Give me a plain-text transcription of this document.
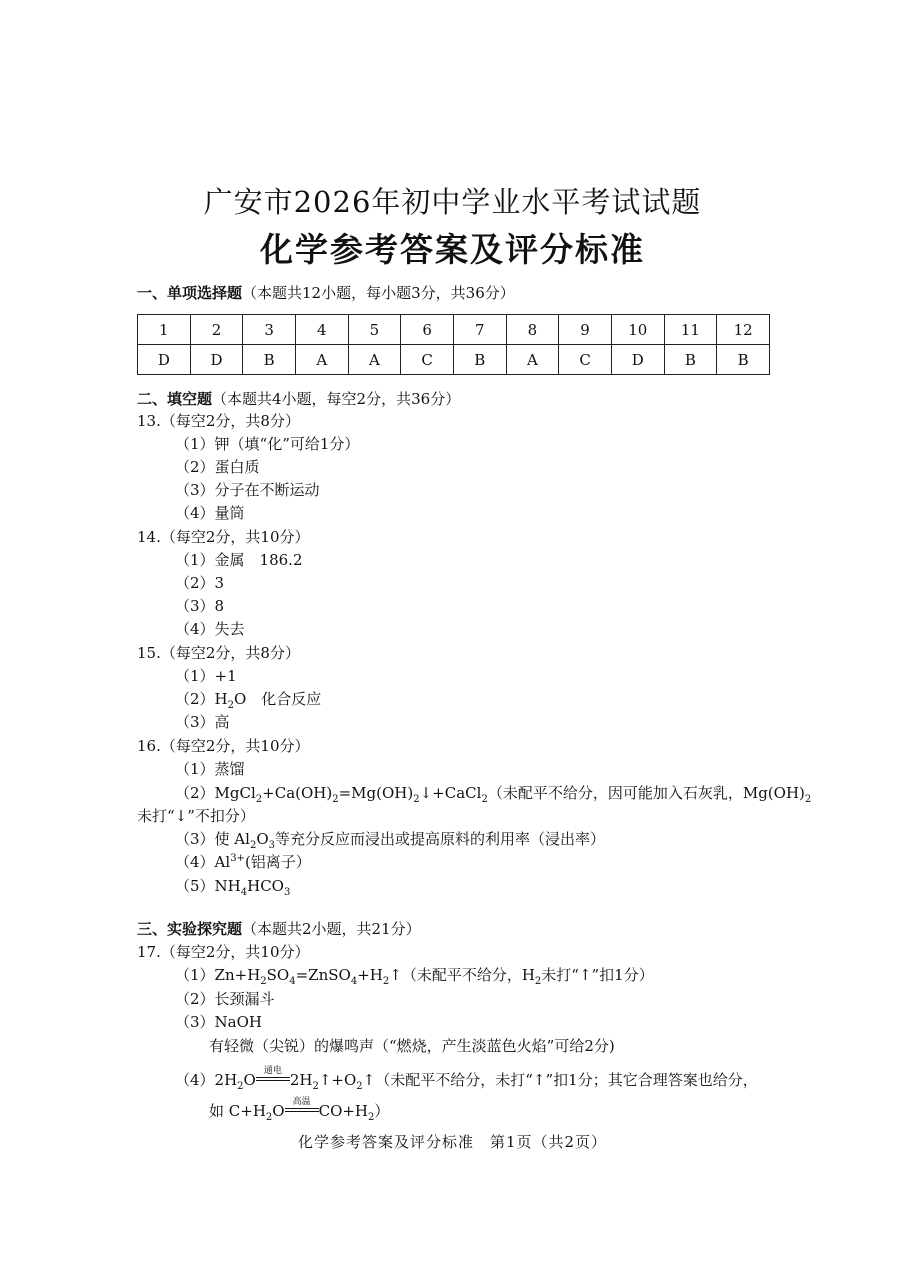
广安市2026年初中学业水平考试试题
化学参考答案及评分标准
一、单项选择题（本题共12小题，每小题3分，共36分）
1	2	3	4	5	6	7	8	9	10	11	12
D	D	B	A	A	C	B	A	C	D	B	B
二、填空题（本题共4小题，每空2分，共36分）
13.（每空2分，共8分）
（1）钾（填“化”可给1分）
（2）蛋白质
（3）分子在不断运动
（4）量筒
14.（每空2分，共10分）
（1）金属　186.2
（2）3
（3）8
（4）失去
15.（每空2分，共8分）
（1）+1
$(2)H_2O$　化合反应
（3）高
16.（每空2分，共10分）
（1）蒸馏
$(2)MgCl_2+Ca(OH)_2=Mg(OH)_2↓+CaCl_2$（未配平不给分，因可能加入石灰乳，$Mg(OH)_2$
未打“↓”不扣分）
（3）使 $Al_2O_3$等充分反应而浸出或提高原料的利用率（浸出率）
$(4)Al^{3+}$(铝离子）
$(5)NH_4HCO_3$
三、实验探究题（本题共2小题，共21分）
17.（每空2分，共10分）
$(1)Zn+H_2SO_4=ZnSO_4+H_2↑$（未配平不给分，$H_2$未打“↑”扣1分）
（2）长颈漏斗
（3）NaOH
有轻微（尖锐）的爆鸣声（“燃烧，产生淡蓝色火焰”可给2分)
$(4)2H_2O$ 通电 $2H_2↑+O_2↑$（未配平不给分，未打“↑”扣1分；其它合理答案也给分，
如 $C+H_2O$ 高温 $CO+H_2$）
化学参考答案及评分标准　第1页（共2页）
